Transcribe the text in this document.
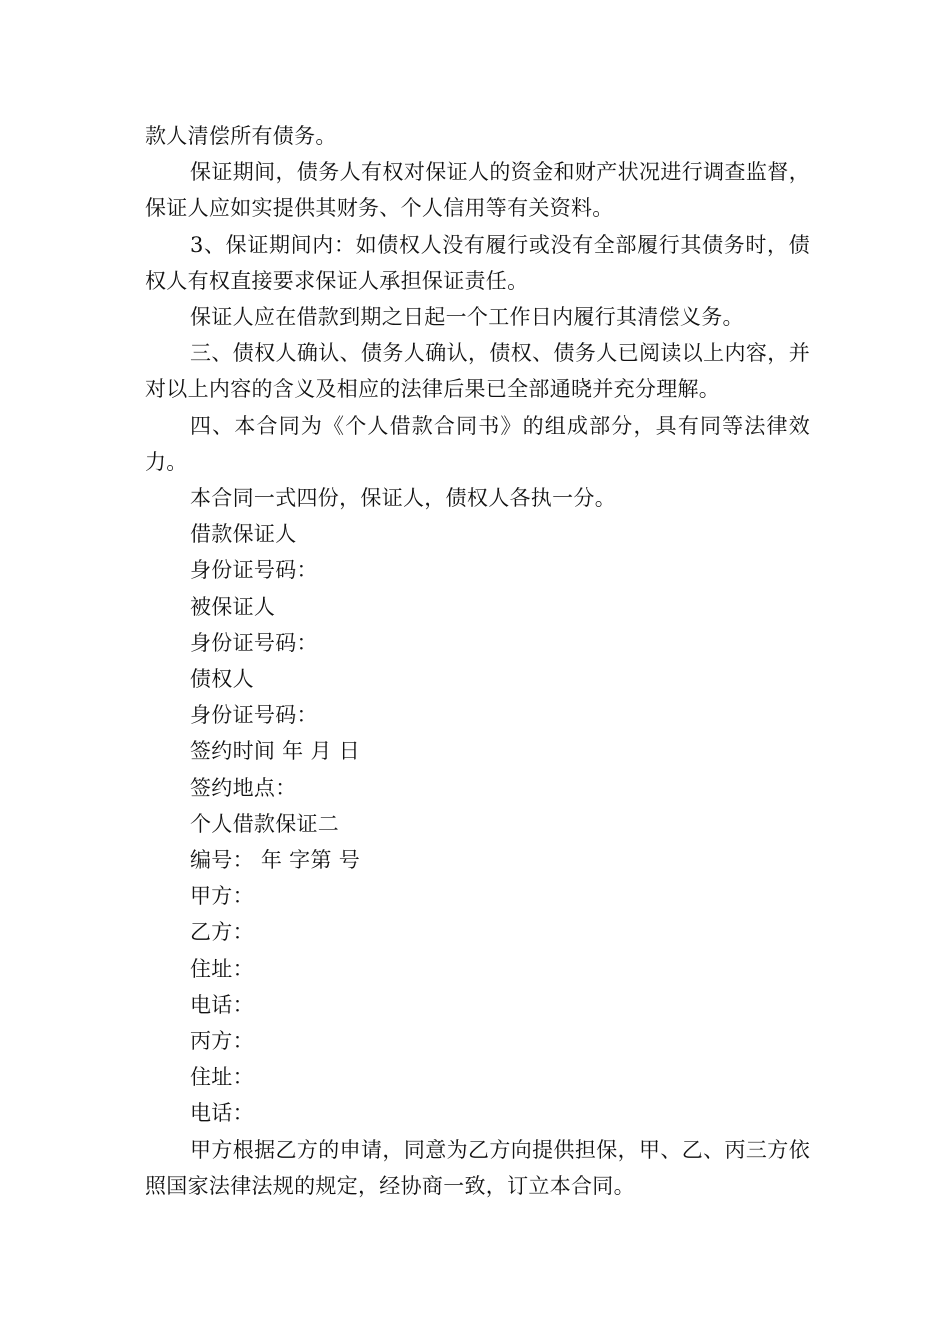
款人清偿所有债务。

保证期间，债务人有权对保证人的资金和财产状况进行调查监督，保证人应如实提供其财务、个人信用等有关资料。

3、保证期间内：如债权人没有履行或没有全部履行其债务时，债权人有权直接要求保证人承担保证责任。

保证人应在借款到期之日起一个工作日内履行其清偿义务。

三、债权人确认、债务人确认，债权、债务人已阅读以上内容，并对以上内容的含义及相应的法律后果已全部通晓并充分理解。

四、本合同为《个人借款合同书》的组成部分，具有同等法律效力。

本合同一式四份，保证人，债权人各执一分。

借款保证人

身份证号码：

被保证人

身份证号码：

债权人

身份证号码：

签约时间 年 月 日

签约地点：

个人借款保证二

编号： 年 字第 号

甲方：

乙方：

住址：

电话：

丙方：

住址：

电话：

甲方根据乙方的申请，同意为乙方向提供担保，甲、乙、丙三方依照国家法律法规的规定，经协商一致，订立本合同。
